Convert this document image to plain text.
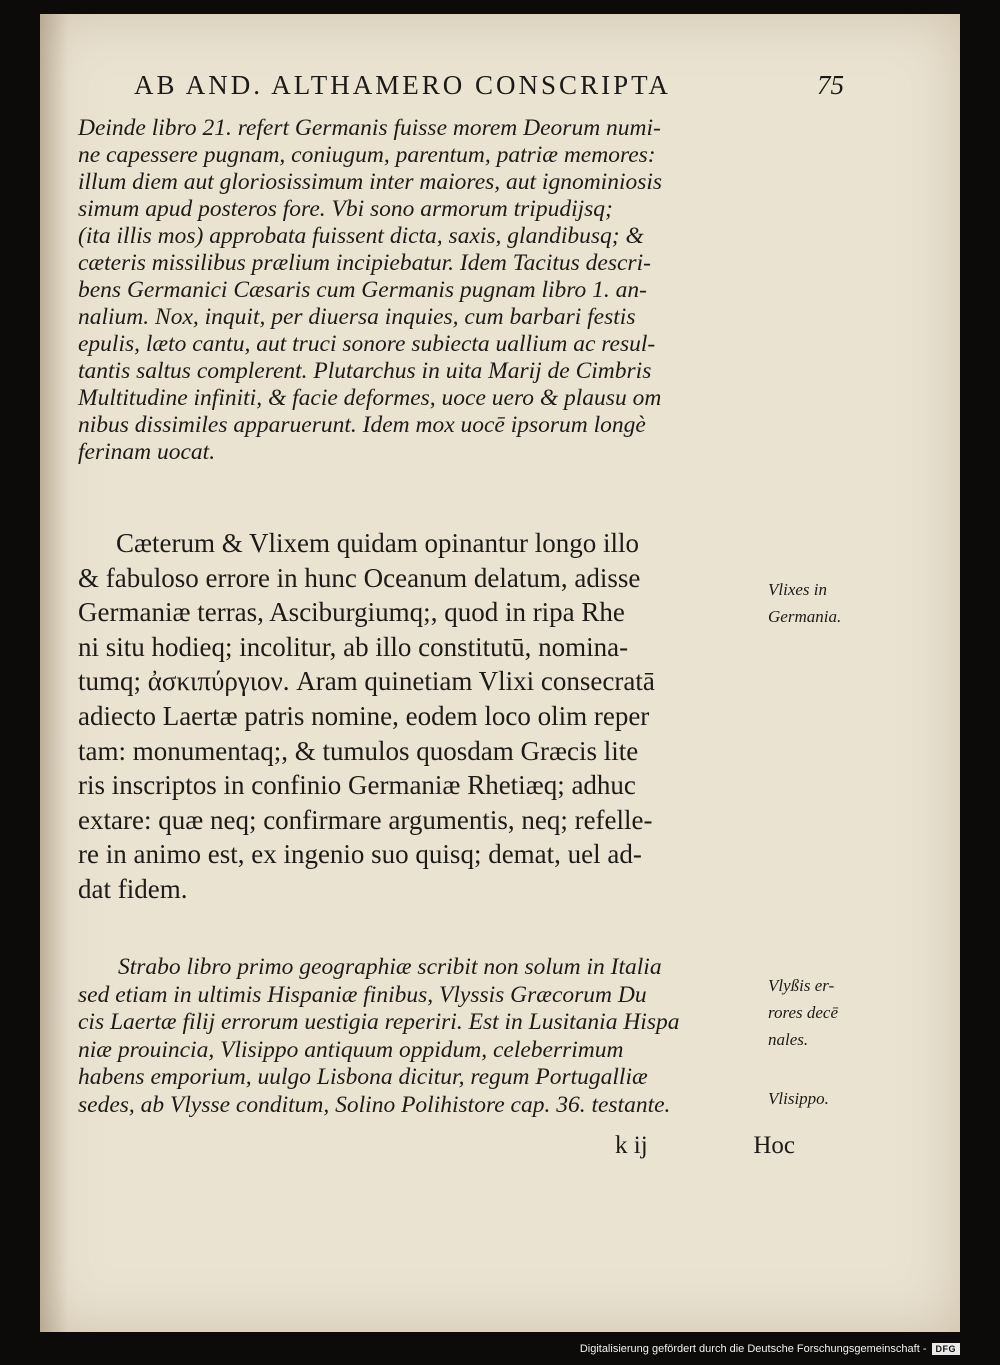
AB AND. ALTHAMERO CONSCRIPTA	75
Deinde libro 21. refert Germanis fuisse morem Deorum numi-
ne capessere pugnam, coniugum, parentum, patriæ memores:
illum diem aut gloriosissimum inter maiores, aut ignominiosis
simum apud posteros fore. Vbi sono armorum tripudijsq;
(ita illis mos) approbata fuissent dicta, saxis, glandibusq; &
cæteris missilibus prælium incipiebatur. Idem Tacitus descri-
bens Germanici Cæsaris cum Germanis pugnam libro 1. an-
nalium. Nox, inquit, per diuersa inquies, cum barbari festis
epulis, læto cantu, aut truci sonore subiecta uallium ac resul-
tantis saltus complerent. Plutarchus in uita Marij de Cimbris
Multitudine infiniti, & facie deformes, uoce uero & plausu om
nibus dissimiles apparuerunt. Idem mox uocē ipsorum longè
ferinam uocat.
Cæterum & Vlixem quidam opinantur longo illo
& fabuloso errore in hunc Oceanum delatum, adisse
Germaniæ terras, Asciburgiumq;, quod in ripa Rhe
ni situ hodieq; incolitur, ab illo constitutū, nomina-
tumq; ἀσκιπύργιον. Aram quinetiam Vlixi consecratā
adiecto Laertæ patris nomine, eodem loco olim reper
tam: monumentaq;, & tumulos quosdam Græcis lite
ris inscriptos in confinio Germaniæ Rhetiæq; adhuc
extare: quæ neq; confirmare argumentis, neq; refelle-
re in animo est, ex ingenio suo quisq; demat, uel ad-
dat fidem.
Vlixes in
Germania.
Strabo libro primo geographiæ scribit non solum in Italia
sed etiam in ultimis Hispaniæ finibus, Vlyssis Græcorum Du
cis Laertæ filij errorum uestigia reperiri. Est in Lusitania Hispa
niæ prouincia, Vlisippo antiquum oppidum, celeberrimum
habens emporium, uulgo Lisbona dicitur, regum Portugalliæ
sedes, ab Vlysse conditum, Solino Polihistore cap. 36. testante.
Vlyßis er-
rores decē
nales.
Vlisippo.
k ij	Hoc
Digitalisierung gefördert durch die Deutsche Forschungsgemeinschaft -	DFG
